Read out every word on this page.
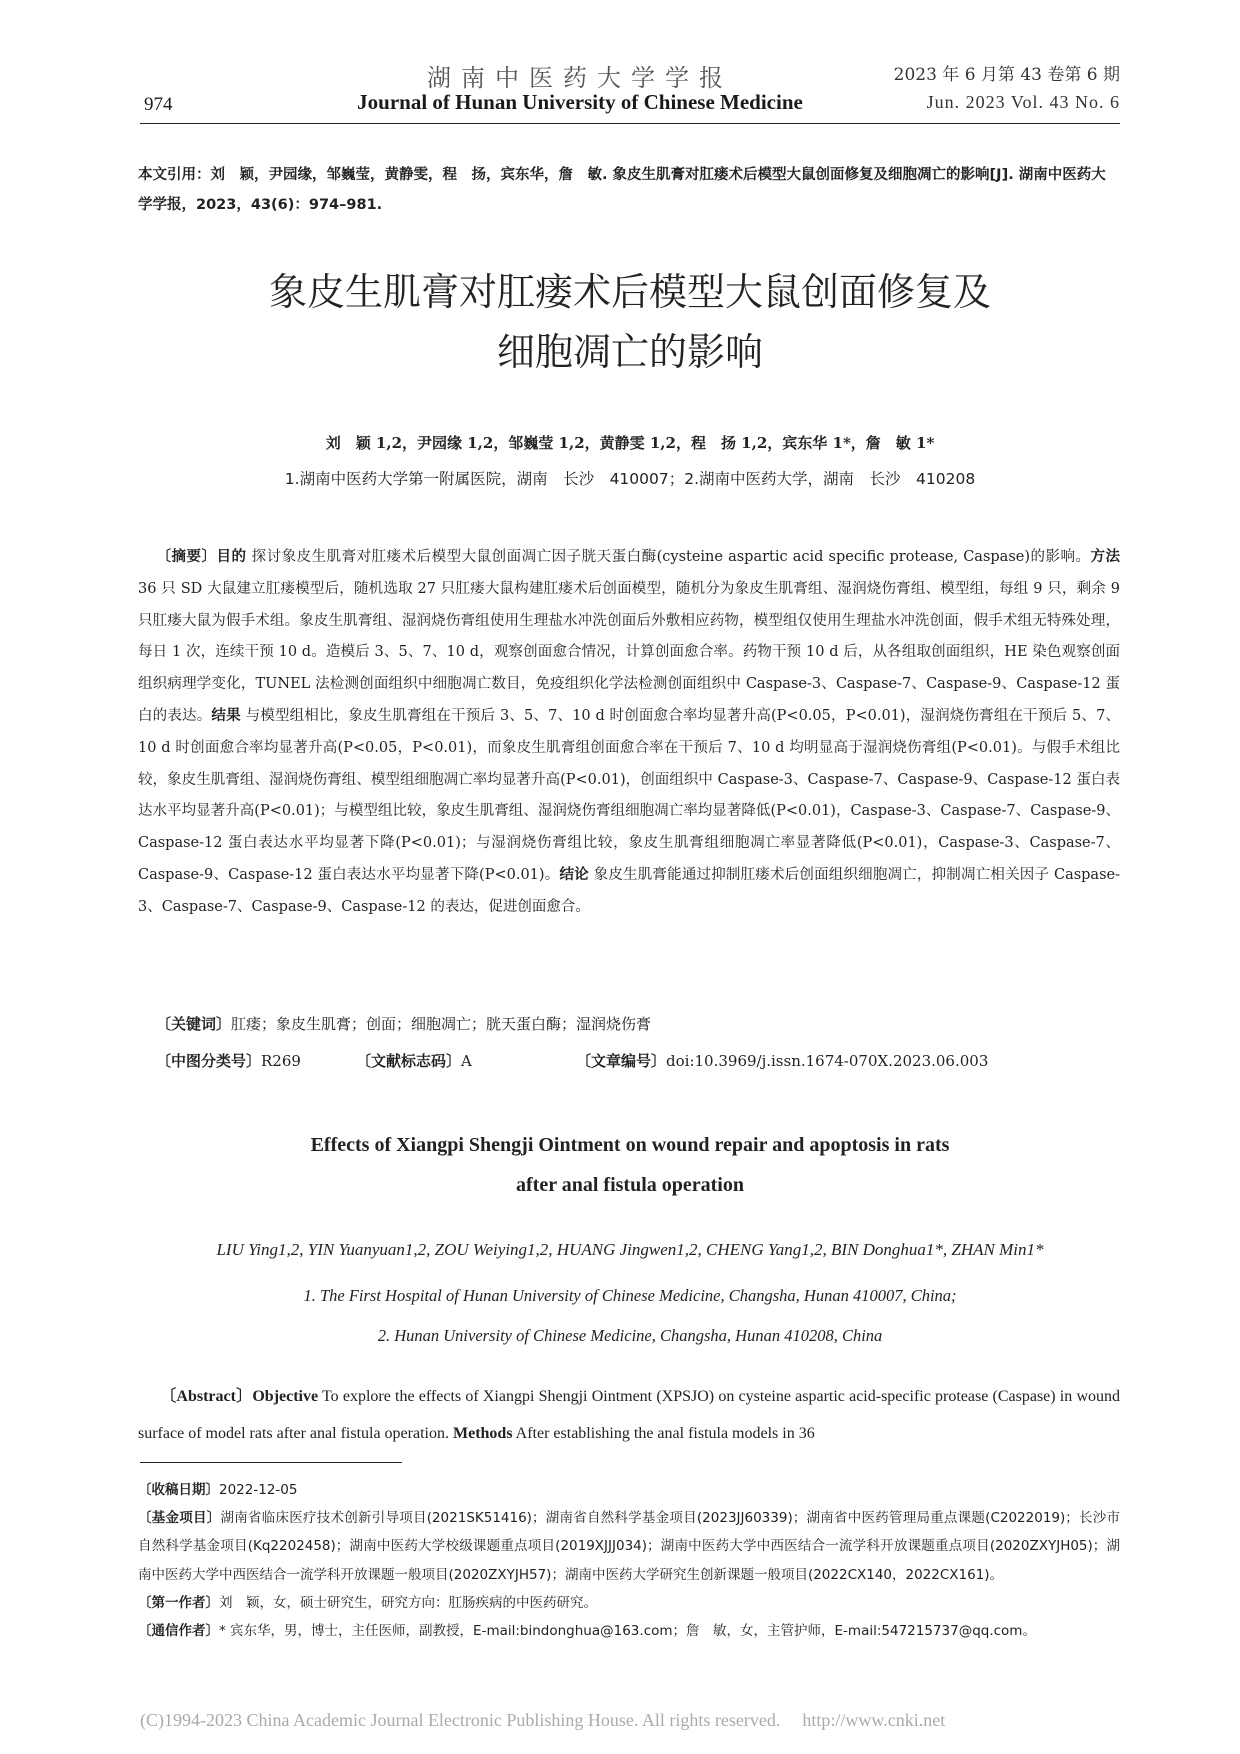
974
湖南中医药大学学报
Journal of Hunan University of Chinese Medicine
2023 年 6 月第 43 卷第 6 期
Jun. 2023 Vol. 43 No. 6
本文引用：刘　颖，尹园缘，邹巍莹，黄静雯，程　扬，宾东华，詹　敏. 象皮生肌膏对肛瘘术后模型大鼠创面修复及细胞凋亡的影响[J]. 湖南中医药大学学报，2023，43(6)：974–981.
象皮生肌膏对肛瘘术后模型大鼠创面修复及
细胞凋亡的影响
刘　颖 1,2，尹园缘 1,2，邹巍莹 1,2，黄静雯 1,2，程　扬 1,2，宾东华 1*，詹　敏 1*
1.湖南中医药大学第一附属医院，湖南　长沙　410007；2.湖南中医药大学，湖南　长沙　410208
〔摘要〕目的 探讨象皮生肌膏对肛瘘术后模型大鼠创面凋亡因子胱天蛋白酶(cysteine aspartic acid specific protease, Caspase)的影响。方法 36 只 SD 大鼠建立肛瘘模型后，随机选取 27 只肛瘘大鼠构建肛瘘术后创面模型，随机分为象皮生肌膏组、湿润烧伤膏组、模型组，每组 9 只，剩余 9 只肛瘘大鼠为假手术组。象皮生肌膏组、湿润烧伤膏组使用生理盐水冲洗创面后外敷相应药物，模型组仅使用生理盐水冲洗创面，假手术组无特殊处理，每日 1 次，连续干预 10 d。造模后 3、5、7、10 d，观察创面愈合情况，计算创面愈合率。药物干预 10 d 后，从各组取创面组织，HE 染色观察创面组织病理学变化，TUNEL 法检测创面组织中细胞凋亡数目，免疫组织化学法检测创面组织中 Caspase-3、Caspase-7、Caspase-9、Caspase-12 蛋白的表达。结果 与模型组相比，象皮生肌膏组在干预后 3、5、7、10 d 时创面愈合率均显著升高(P<0.05，P<0.01)，湿润烧伤膏组在干预后 5、7、10 d 时创面愈合率均显著升高(P<0.05，P<0.01)，而象皮生肌膏组创面愈合率在干预后 7、10 d 均明显高于湿润烧伤膏组(P<0.01)。与假手术组比较，象皮生肌膏组、湿润烧伤膏组、模型组细胞凋亡率均显著升高(P<0.01)，创面组织中 Caspase-3、Caspase-7、Caspase-9、Caspase-12 蛋白表达水平均显著升高(P<0.01)；与模型组比较，象皮生肌膏组、湿润烧伤膏组细胞凋亡率均显著降低(P<0.01)，Caspase-3、Caspase-7、Caspase-9、Caspase-12 蛋白表达水平均显著下降(P<0.01)；与湿润烧伤膏组比较，象皮生肌膏组细胞凋亡率显著降低(P<0.01)，Caspase-3、Caspase-7、Caspase-9、Caspase-12 蛋白表达水平均显著下降(P<0.01)。结论 象皮生肌膏能通过抑制肛瘘术后创面组织细胞凋亡，抑制凋亡相关因子 Caspase-3、Caspase-7、Caspase-9、Caspase-12 的表达，促进创面愈合。
〔关键词〕肛瘘；象皮生肌膏；创面；细胞凋亡；胱天蛋白酶；湿润烧伤膏
〔中图分类号〕R269	〔文献标志码〕A	〔文章编号〕doi:10.3969/j.issn.1674-070X.2023.06.003
Effects of Xiangpi Shengji Ointment on wound repair and apoptosis in rats
after anal fistula operation
LIU Ying1,2, YIN Yuanyuan1,2, ZOU Weiying1,2, HUANG Jingwen1,2, CHENG Yang1,2, BIN Donghua1*, ZHAN Min1*
1. The First Hospital of Hunan University of Chinese Medicine, Changsha, Hunan 410007, China;
2. Hunan University of Chinese Medicine, Changsha, Hunan 410208, China
〔Abstract〕Objective To explore the effects of Xiangpi Shengji Ointment (XPSJO) on cysteine aspartic acid-specific protease (Caspase) in wound surface of model rats after anal fistula operation. Methods After establishing the anal fistula models in 36

〔收稿日期〕2022-12-05

〔基金项目〕湖南省临床医疗技术创新引导项目(2021SK51416)；湖南省自然科学基金项目(2023JJ60339)；湖南省中医药管理局重点课题(C2022019)；长沙市自然科学基金项目(Kq2202458)；湖南中医药大学校级课题重点项目(2019XJJJ034)；湖南中医药大学中西医结合一流学科开放课题重点项目(2020ZXYJH05)；湖南中医药大学中西医结合一流学科开放课题一般项目(2020ZXYJH57)；湖南中医药大学研究生创新课题一般项目(2022CX140，2022CX161)。

〔第一作者〕刘　颖，女，硕士研究生，研究方向：肛肠疾病的中医药研究。

〔通信作者〕* 宾东华，男，博士，主任医师，副教授，E-mail:bindonghua@163.com；詹　敏，女，主管护师，E-mail:547215737@qq.com。

(C)1994-2023 China Academic Journal Electronic Publishing House. All rights reserved. http://www.cnki.net
